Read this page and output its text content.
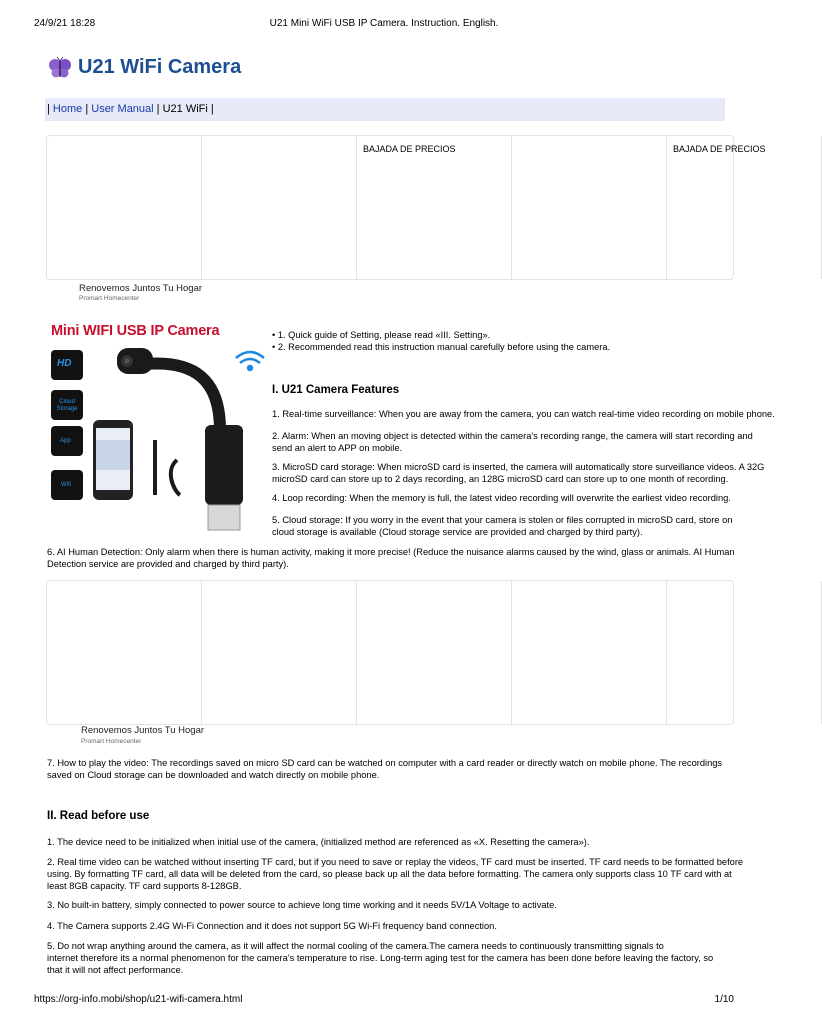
24/9/21 18:28	U21 Mini WiFi USB IP Camera. Instruction. English.
U21 WiFi Camera
| Home | User Manual | U21 WiFi |
BAJADA DE PRECIOS	BAJADA DE PRECIOS
Renovemos Juntos Tu Hogar
Promart Homecenter
Mini WIFI USB IP Camera
HD
Cloud Storage
App
Wifi
• 1. Quick guide of Setting, please read «III. Setting».
• 2. Recommended read this instruction manual carefully before using the camera.
I. U21 Camera Features
1. Real-time surveillance: When you are away from the camera, you can watch real-time video recording on mobile phone.
2. Alarm: When an moving object is detected within the camera's recording range, the camera will start recording and
send an alert to APP on mobile.
3. MicroSD card storage: When microSD card is inserted, the camera will automatically store surveillance videos. A 32G
microSD card can store up to 2 days recording, an 128G microSD card can store up to one month of recording.
4. Loop recording: When the memory is full, the latest video recording will overwrite the earliest video recording.
5. Cloud storage: If you worry in the event that your camera is stolen or files corrupted in microSD card, store on
cloud storage is available (Cloud storage service are provided and charged by third party).
6. AI Human Detection: Only alarm when there is human activity, making it more precise! (Reduce the nuisance alarms caused by the wind, glass or animals. AI Human
Detection service are provided and charged by third party).
Renovemos Juntos Tu Hogar
Promart Homecenter
7. How to play the video: The recordings saved on micro SD card can be watched on computer with a card reader or directly watch on mobile phone. The recordings
saved on Cloud storage can be downloaded and watch directly on mobile phone.
II. Read before use
1. The device need to be initialized when initial use of the camera, (initialized method are referenced as «X. Resetting the camera»).
2. Real time video can be watched without inserting TF card, but if you need to save or replay the videos, TF card must be inserted. TF card needs to be formatted before
using. By formatting TF card, all data will be deleted from the card, so please back up all the data before formatting. The camera only supports class 10 TF card with at
least 8GB capacity. TF card supports 8-128GB.
3. No built-in battery, simply connected to power source to achieve long time working and it needs 5V/1A Voltage to activate.
4. The Camera supports 2.4G Wi-Fi Connection and it does not support 5G Wi-Fi frequency band connection.
5. Do not wrap anything around the camera, as it will affect the normal cooling of the camera.The camera needs to continuously transmitting signals to
internet therefore its a normal phenomenon for the camera's temperature to rise. Long-term aging test for the camera has been done before leaving the factory, so
that it will not affect performance.
https://org-info.mobi/shop/u21-wifi-camera.html	1/10
